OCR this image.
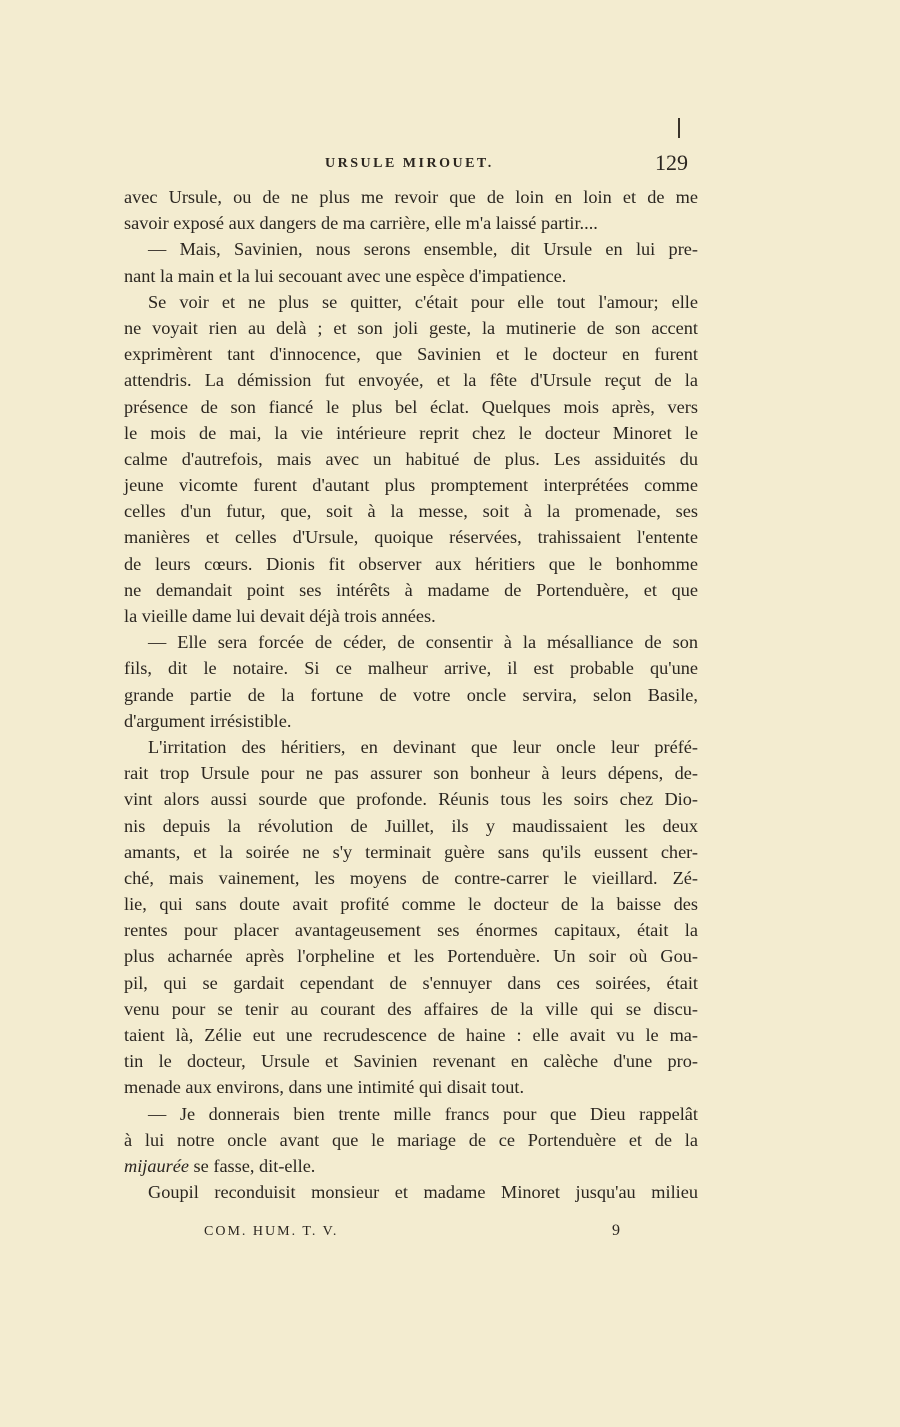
URSULE MIROUET.	129
avec Ursule, ou de ne plus me revoir que de loin en loin et de me
savoir exposé aux dangers de ma carrière, elle m'a laissé partir....
— Mais, Savinien, nous serons ensemble, dit Ursule en lui pre-
nant la main et la lui secouant avec une espèce d'impatience.
Se voir et ne plus se quitter, c'était pour elle tout l'amour; elle
ne voyait rien au delà ; et son joli geste, la mutinerie de son accent
exprimèrent tant d'innocence, que Savinien et le docteur en furent
attendris. La démission fut envoyée, et la fête d'Ursule reçut de la
présence de son fiancé le plus bel éclat. Quelques mois après, vers
le mois de mai, la vie intérieure reprit chez le docteur Minoret le
calme d'autrefois, mais avec un habitué de plus. Les assiduités du
jeune vicomte furent d'autant plus promptement interprétées comme
celles d'un futur, que, soit à la messe, soit à la promenade, ses
manières et celles d'Ursule, quoique réservées, trahissaient l'entente
de leurs cœurs. Dionis fit observer aux héritiers que le bonhomme
ne demandait point ses intérêts à madame de Portenduère, et que
la vieille dame lui devait déjà trois années.
— Elle sera forcée de céder, de consentir à la mésalliance de son
fils, dit le notaire. Si ce malheur arrive, il est probable qu'une
grande partie de la fortune de votre oncle servira, selon Basile,
d'argument irrésistible.
L'irritation des héritiers, en devinant que leur oncle leur préfé-
rait trop Ursule pour ne pas assurer son bonheur à leurs dépens, de-
vint alors aussi sourde que profonde. Réunis tous les soirs chez Dio-
nis depuis la révolution de Juillet, ils y maudissaient les deux
amants, et la soirée ne s'y terminait guère sans qu'ils eussent cher-
ché, mais vainement, les moyens de contre-carrer le vieillard. Zé-
lie, qui sans doute avait profité comme le docteur de la baisse des
rentes pour placer avantageusement ses énormes capitaux, était la
plus acharnée après l'orpheline et les Portenduère. Un soir où Gou-
pil, qui se gardait cependant de s'ennuyer dans ces soirées, était
venu pour se tenir au courant des affaires de la ville qui se discu-
taient là, Zélie eut une recrudescence de haine : elle avait vu le ma-
tin le docteur, Ursule et Savinien revenant en calèche d'une pro-
menade aux environs, dans une intimité qui disait tout.
— Je donnerais bien trente mille francs pour que Dieu rappelât
à lui notre oncle avant que le mariage de ce Portenduère et de la
mijaurée se fasse, dit-elle.
Goupil reconduisit monsieur et madame Minoret jusqu'au milieu
COM. HUM. T. V.	9
